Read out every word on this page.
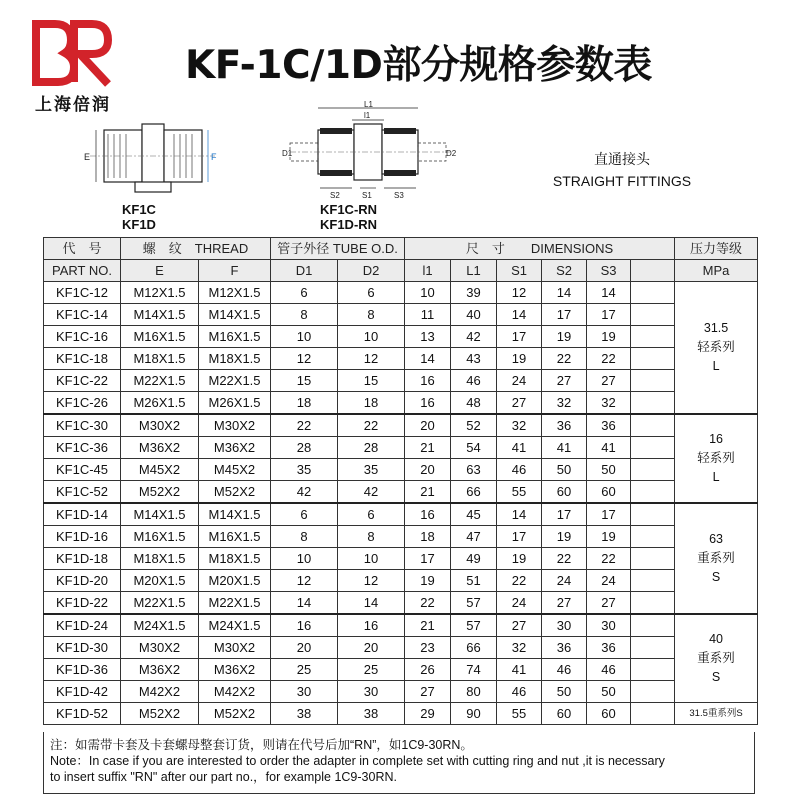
上海倍润
KF-1C/1D部分规格参数表
E	F
KF1C
KF1D
L1
l1
D1	D2
S2	S1	S3
KF1C-RN
KF1D-RN
直通接头
STRAIGHT FITTINGS
代　号	螺　纹　THREAD		管子外径 TUBE O.D.		尺　寸　　DIMENSIONS						压力等级
PART NO.	E	F	D1	D2	l1	L1	S1	S2	S3		MPa
KF1C-12	M12X1.5	M12X1.5	6	6	10	39	12	14	14		31.5
轻系列
L

KF1C-14	M14X1.5	M14X1.5	8	8	11	40	14	17	17		
KF1C-16	M16X1.5	M16X1.5	10	10	13	42	17	19	19		
KF1C-18	M18X1.5	M18X1.5	12	12	14	43	19	22	22		
KF1C-22	M22X1.5	M22X1.5	15	15	16	46	24	27	27		
KF1C-26	M26X1.5	M26X1.5	18	18	16	48	27	32	32		
KF1C-30	M30X2	M30X2	22	22	20	52	32	36	36		16
轻系列
L

KF1C-36	M36X2	M36X2	28	28	21	54	41	41	41		
KF1C-45	M45X2	M45X2	35	35	20	63	46	50	50		
KF1C-52	M52X2	M52X2	42	42	21	66	55	60	60		
KF1D-14	M14X1.5	M14X1.5	6	6	16	45	14	17	17		63
重系列
S

KF1D-16	M16X1.5	M16X1.5	8	8	18	47	17	19	19		
KF1D-18	M18X1.5	M18X1.5	10	10	17	49	19	22	22		
KF1D-20	M20X1.5	M20X1.5	12	12	19	51	22	24	24		
KF1D-22	M22X1.5	M22X1.5	14	14	22	57	24	27	27		
KF1D-24	M24X1.5	M24X1.5	16	16	21	57	27	30	30		40
重系列
S

KF1D-30	M30X2	M30X2	20	20	23	66	32	36	36		
KF1D-36	M36X2	M36X2	25	25	26	74	41	46	46		
KF1D-42	M42X2	M42X2	30	30	27	80	46	50	50		
KF1D-52	M52X2	M52X2	38	38	29	90	55	60	60		31.5重系列S
注：如需带卡套及卡套螺母整套订货，则请在代号后加“RN”，如1C9-30RN。
Note：In case if you are interested to order the adapter in complete set with cutting ring and nut ,it is necessary
to insert suffix "RN" after our part no.，for example 1C9-30RN.
